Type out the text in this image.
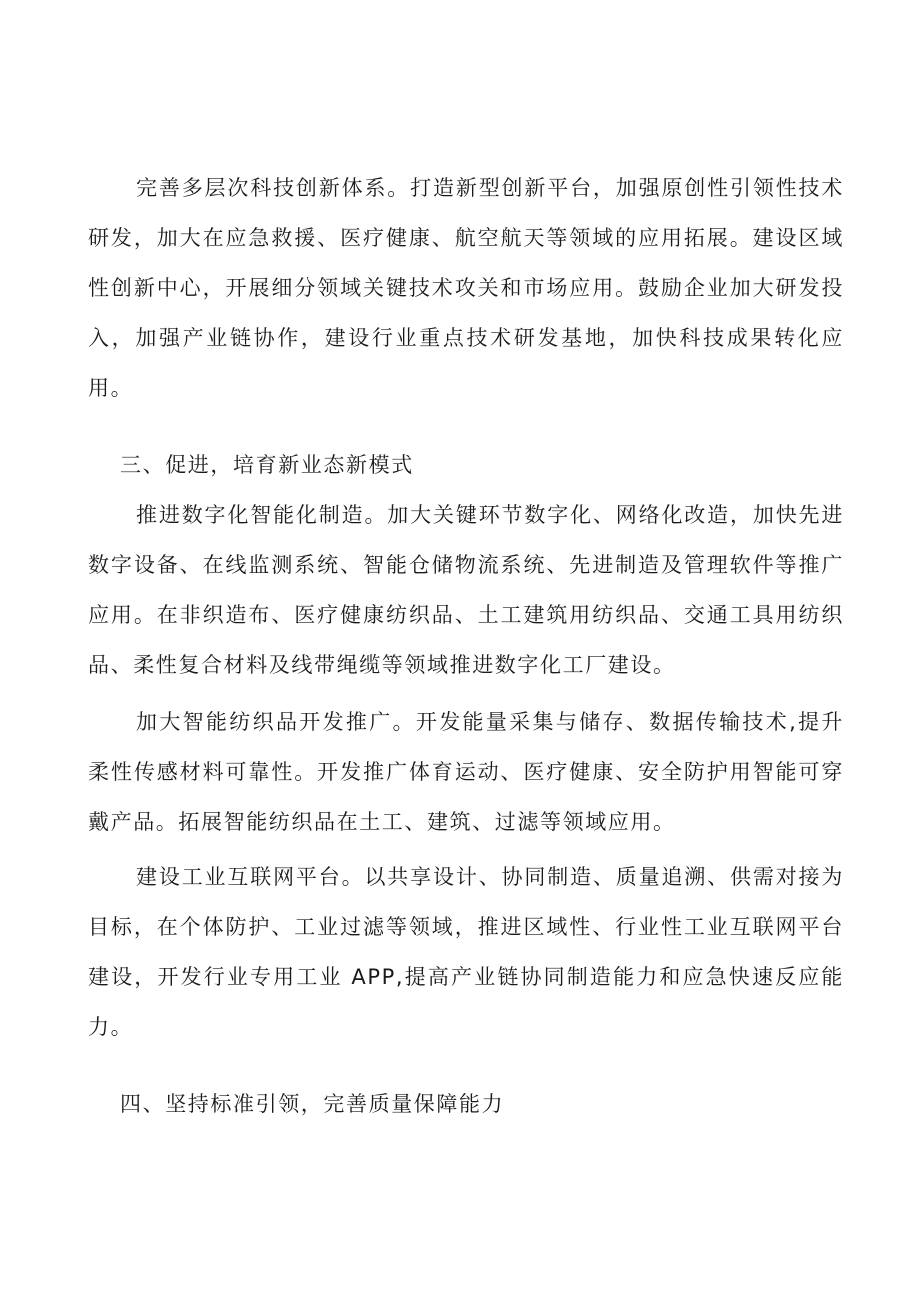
完善多层次科技创新体系。打造新型创新平台，加强原创性引领性技术研发，加大在应急救援、医疗健康、航空航天等领域的应用拓展。建设区域性创新中心，开展细分领域关键技术攻关和市场应用。鼓励企业加大研发投入，加强产业链协作，建设行业重点技术研发基地，加快科技成果转化应用。

三、促进，培育新业态新模式

推进数字化智能化制造。加大关键环节数字化、网络化改造，加快先进数字设备、在线监测系统、智能仓储物流系统、先进制造及管理软件等推广应用。在非织造布、医疗健康纺织品、土工建筑用纺织品、交通工具用纺织品、柔性复合材料及线带绳缆等领域推进数字化工厂建设。

加大智能纺织品开发推广。开发能量采集与储存、数据传输技术,提升柔性传感材料可靠性。开发推广体育运动、医疗健康、安全防护用智能可穿戴产品。拓展智能纺织品在土工、建筑、过滤等领域应用。

建设工业互联网平台。以共享设计、协同制造、质量追溯、供需对接为目标，在个体防护、工业过滤等领域，推进区域性、行业性工业互联网平台建设，开发行业专用工业 APP,提高产业链协同制造能力和应急快速反应能力。

四、坚持标准引领，完善质量保障能力
